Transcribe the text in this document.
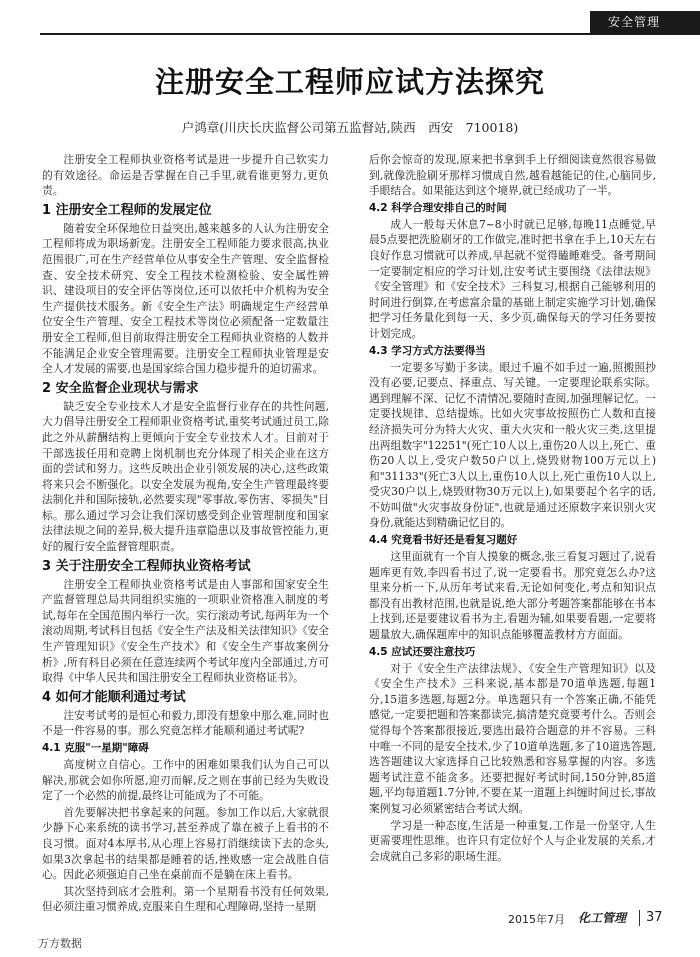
安全管理
注册安全工程师应试方法探究
户鸿章(川庆长庆监督公司第五监督站,陕西　西安　710018)

注册安全工程师执业资格考试是进一步提升自己软实力的有效途径。命运是否掌握在自己手里,就看谁更努力,更负责。

1 注册安全工程师的发展定位

随着安全环保地位日益突出,越来越多的人认为注册安全工程师将成为职场新宠。注册安全工程师能力要求很高,执业范围很广,可在生产经营单位从事安全生产管理、安全监督检查、安全技术研究、安全工程技术检测检验、安全属性辨识、建设项目的安全评估等岗位,还可以依托中介机构为安全生产提供技术服务。新《安全生产法》明确规定生产经营单位安全生产管理、安全工程技术等岗位必须配备一定数量注册安全工程师,但目前取得注册安全工程师执业资格的人数并不能满足企业安全管理需要。注册安全工程师执业管理是安全人才发展的需要,也是国家综合国力稳步提升的迫切需求。

2 安全监督企业现状与需求

缺乏安全专业技术人才是安全监督行业存在的共性问题,大力倡导注册安全工程师职业资格考试,重奖考试通过员工,除此之外从薪酬结构上更倾向于安全专业技术人才。目前对于干部选拔任用和竞聘上岗机制也充分体现了相关企业在这方面的尝试和努力。这些反映出企业引领发展的决心,这些政策将来只会不断强化。以安全发展为视角,安全生产管理最终要法制化并和国际接轨,必然要实现"零事故,零伤害、零损失"目标。那么通过学习会让我们深切感受到企业管理制度和国家法律法规之间的差异,极大提升违章隐患以及事故管控能力,更好的履行安全监督管理职责。

3 关于注册安全工程师执业资格考试

注册安全工程师执业资格考试是由人事部和国家安全生产监督管理总局共同组织实施的一项职业资格准入制度的考试,每年在全国范围内举行一次。实行滚动考试,每两年为一个滚动周期,考试科目包括《安全生产法及相关法律知识》《安全生产管理知识》《安全生产技术》和《安全生产事故案例分析》,所有科目必须在任意连续两个考试年度内全部通过,方可取得《中华人民共和国注册安全工程师执业资格证书》。

4 如何才能顺利通过考试

注安考试考的是恒心和毅力,即没有想象中那么难,同时也不是一件容易的事。那么究竟怎样才能顺利通过考试呢?

4.1 克服"一星期"障碍

高度树立自信心。工作中的困难如果我们认为自己可以解决,那就会如你所愿,迎刃而解,反之则在事前已经为失败设定了一个必然的前提,最终让可能成为了不可能。

首先要解决把书拿起来的问题。参加工作以后,大家就很少静下心来系统的读书学习,甚至养成了靠在被子上看书的不良习惯。面对4本厚书,从心理上容易打消继续读下去的念头,如果3次拿起书的结果都是睡着的话,挫败感一定会战胜自信心。因此必须强迫自己坐在桌前而不是躺在床上看书。

其次坚持到底才会胜利。第一个星期看书没有任何效果,但必须注重习惯养成,克服来自生理和心理障碍,坚持一星期

后你会惊奇的发现,原来把书拿到手上仔细阅读竟然很容易做到,就像洗脸刷牙那样习惯成自然,越看越能记的住,心脑同步,手眼结合。如果能达到这个境界,就已经成功了一半。

4.2 科学合理安排自己的时间

成人一般每天休息7~8小时就已足够,每晚11点睡觉,早晨5点要把洗脸刷牙的工作做完,准时把书拿在手上,10天左右良好作息习惯就可以养成,早起就不觉得瞌睡难受。备考期间一定要制定相应的学习计划,注安考试主要围绕《法律法规》《安全管理》和《安全技术》三科复习,根据自己能够利用的时间进行倒算,在考虑富余量的基础上制定实施学习计划,确保把学习任务量化到每一天、多少页,确保每天的学习任务要按计划完成。

4.3 学习方式方法要得当

一定要多写勤于多读。眼过千遍不如手过一遍,照搬照抄没有必要,记要点、择重点、写关键。一定要理论联系实际。遇到理解不深、记忆不清情况,要随时查阅,加强理解记忆。一定要找规律、总结提炼。比如火灾事故按照伤亡人数和直接经济损失可分为特大火灾、重大火灾和一般火灾三类,这里提出两组数字"12251"(死亡10人以上,重伤20人以上,死亡、重伤20人以上,受灾户数50户以上,烧毁财物100万元以上)和"31133"(死亡3人以上,重伤10人以上,死亡重伤10人以上,受灾30户以上,烧毁财物30万元以上),如果要起个名字的话,不妨叫做"火灾事故身份证",也就是通过还原数字来识别火灾身份,就能达到精确记忆目的。

4.4 究竟看书好还是看复习题好

这里面就有一个盲人摸象的概念,张三看复习题过了,说看题库更有效,李四看书过了,说一定要看书。那究竟怎么办?这里来分析一下,从历年考试来看,无论如何变化,考点和知识点都没有出教材范围,也就是说,绝大部分考题答案都能够在书本上找到,还是要建议看书为主,看题为辅,如果要看题,一定要将题量放大,确保题库中的知识点能够覆盖教材方方面面。

4.5 应试还要注意技巧

对于《安全生产法律法规》、《安全生产管理知识》以及《安全生产技术》三科来说,基本都是70道单选题,每题1分,15道多选题,每题2分。单选题只有一个答案正确,不能凭感觉,一定要把题和答案都读完,搞清楚究竟要考什么。否则会觉得每个答案都很接近,要选出最符合题意的并不容易。三科中唯一不同的是安全技术,少了10道单选题,多了10道选答题,选答题建议大家选择自己比较熟悉和容易掌握的内容。多选题考试注意不能贪多。还要把握好考试时间,150分钟,85道题,平均每道题1.7分钟,不要在某一道题上纠缠时间过长,事故案例复习必须紧密结合考试大纲。

学习是一种态度,生活是一种重复,工作是一份坚守,人生更需要理性思维。也许只有定位好个人与企业发展的关系,才会成就自己多彩的职场生涯。

2015年7月 化工管理 37
万方数据
